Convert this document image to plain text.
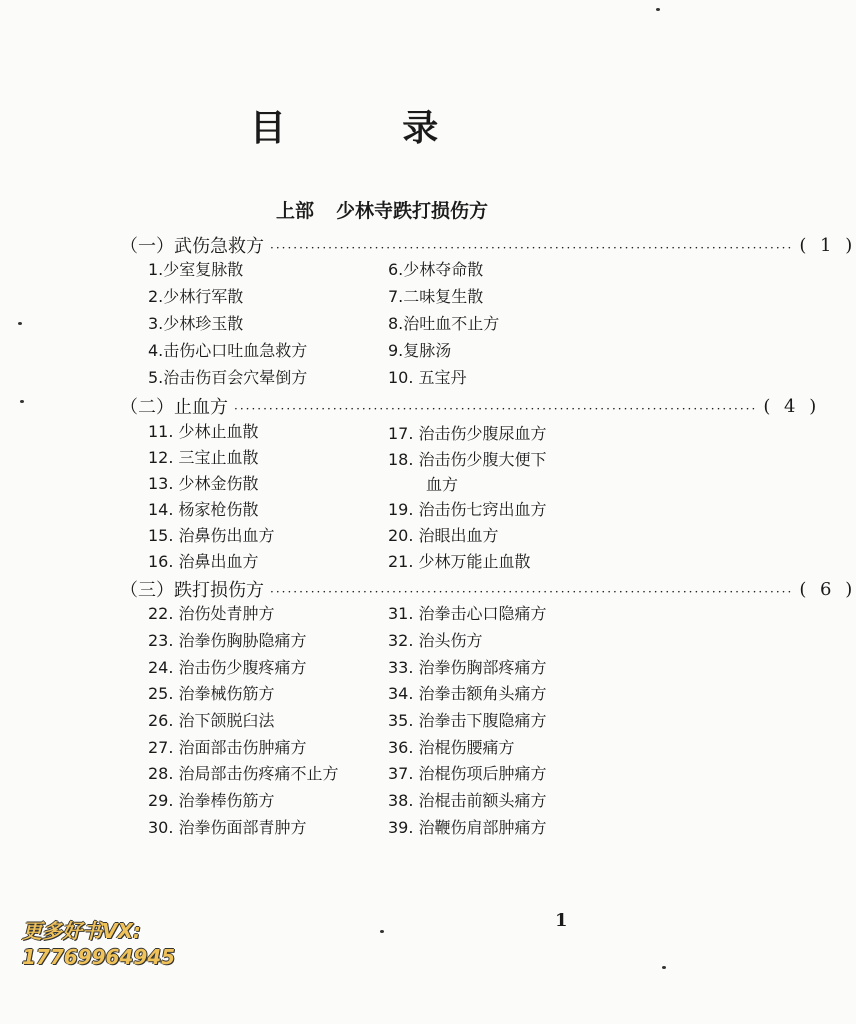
目 录
上部 少林寺跌打损伤方
（一） 武伤急救方 ·························································································· ( 1 )
1.少室复脉散
2.少林行军散
3.少林珍玉散
4.击伤心口吐血急救方
5.治击伤百会穴晕倒方
6.少林夺命散
7.二味复生散
8.治吐血不止方
9.复脉汤
10. 五宝丹
（二） 止血方 ·························································································· ( 4 )
11. 少林止血散
12. 三宝止血散
13. 少林金伤散
14. 杨家枪伤散
15. 治鼻伤出血方
16. 治鼻出血方
17. 治击伤少腹尿血方
18. 治击伤少腹大便下
血方
19. 治击伤七窍出血方
20. 治眼出血方
21. 少林万能止血散
（三） 跌打损伤方 ·························································································· ( 6 )
22. 治伤处青肿方
23. 治拳伤胸胁隐痛方
24. 治击伤少腹疼痛方
25. 治拳械伤筋方
26. 治下颌脱臼法
27. 治面部击伤肿痛方
28. 治局部击伤疼痛不止方
29. 治拳棒伤筋方
30. 治拳伤面部青肿方
31. 治拳击心口隐痛方
32. 治头伤方
33. 治拳伤胸部疼痛方
34. 治拳击额角头痛方
35. 治拳击下腹隐痛方
36. 治棍伤腰痛方
37. 治棍伤项后肿痛方
38. 治棍击前额头痛方
39. 治鞭伤肩部肿痛方
1
更多好书VX:
17769964945
